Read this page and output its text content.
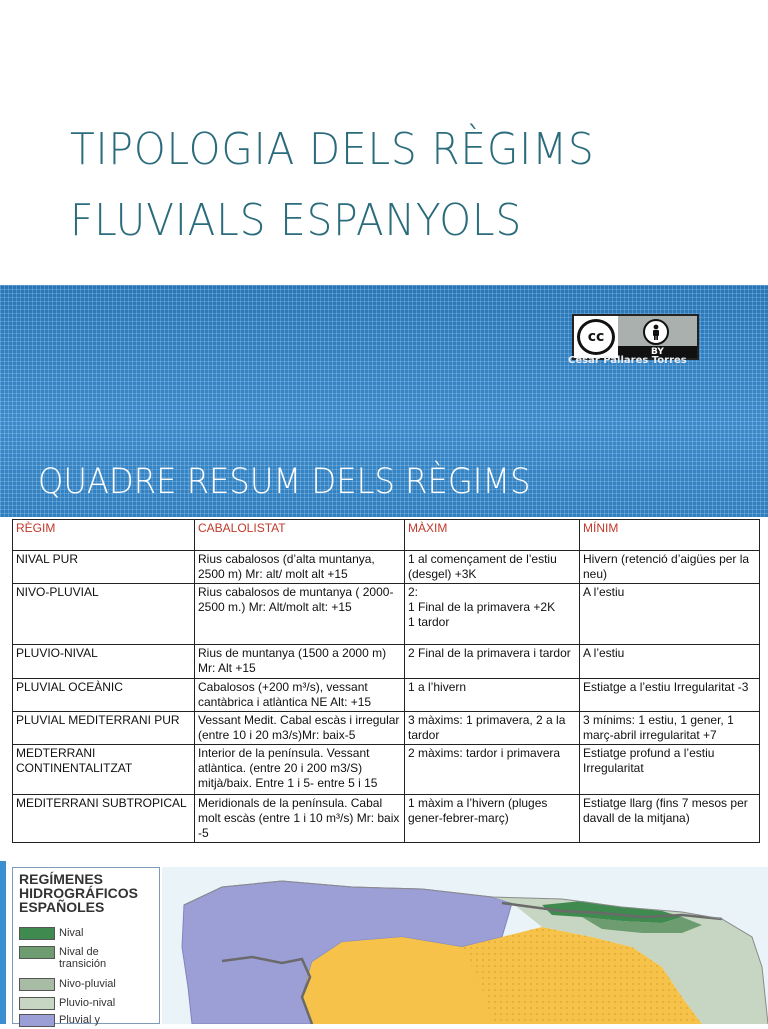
TIPOLOGIA DELS RÈGIMS
FLUVIALS ESPANYOLS
cc
BY
César Pallares Torres
QUADRE RESUM DELS RÈGIMS
RÈGIM	CABALOLISTAT	MÀXIM	MÍNIM
NIVAL PUR	Rius cabalosos (d’alta muntanya, 2500 m) Mr: alt/ molt alt +15	1 al començament de l’estiu (desgel) +3K	Hivern (retenció d’aigües per la neu)
NIVO-PLUVIAL	Rius cabalosos de muntanya ( 2000-2500 m.) Mr: Alt/molt alt: +15	2:
1 Final de la primavera +2K
1 tardor	A l’estiu
PLUVIO-NIVAL	Rius de muntanya (1500 a 2000 m) Mr: Alt +15	2 Final de la primavera i tardor	A l’estiu
PLUVIAL OCEÀNIC	Cabalosos (+200 m³/s), vessant cantàbrica i atlàntica NE Alt: +15	1 a l’hivern	Estiatge a l’estiu Irregularitat -3
PLUVIAL MEDITERRANI PUR	Vessant Medit. Cabal escàs i irregular (entre 10 i 20 m3/s)Mr: baix-5	3 màxims: 1 primavera, 2 a la tardor	3 mínims: 1 estiu, 1 gener, 1 març-abril irregularitat +7
MEDTERRANI CONTINENTALITZAT	Interior de la península. Vessant atlàntica. (entre 20 i 200 m3/S) mitjà/baix. Entre 1 i 5- entre 5 i 15	2 màxims: tardor i primavera	Estiatge profund a l’estiu Irregularitat
MEDITERRANI SUBTROPICAL	Meridionals de la península. Cabal molt escàs (entre 1 i 10 m³/s) Mr: baix -5	1 màxim a l’hivern (pluges gener-febrer-març)	Estiatge llarg (fins 7 mesos per davall de la mitjana)
REGÍMENES HIDROGRÁFICOS ESPAÑOLES
Nival
Nival de transición
Nivo-pluvial
Pluvio-nival
Pluvial y
